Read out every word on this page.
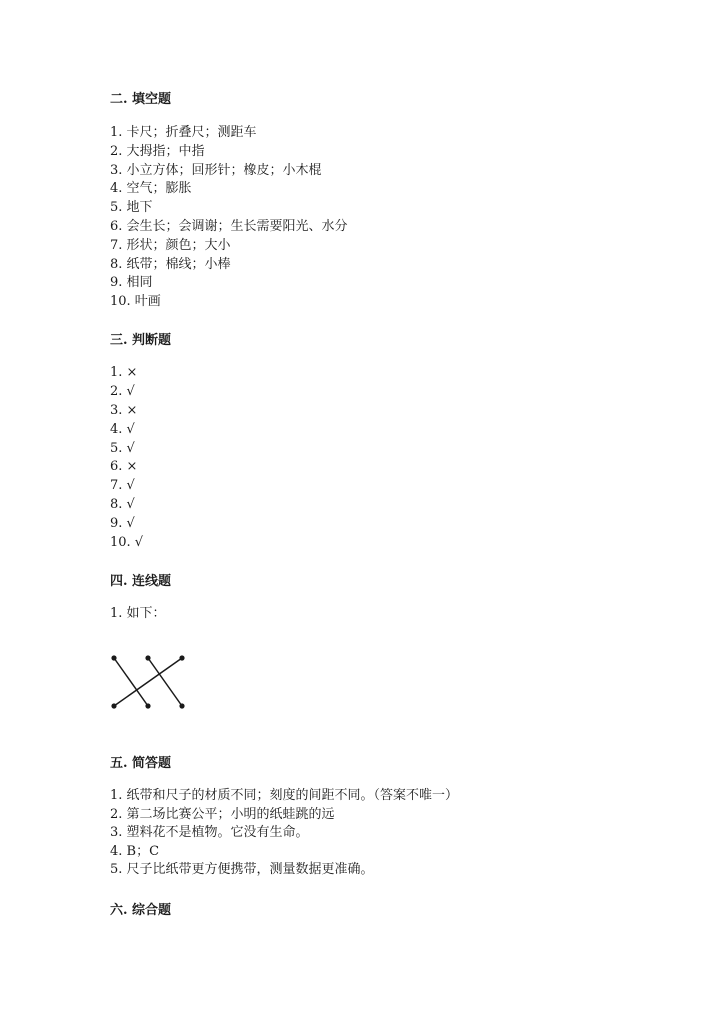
二. 填空题
1. 卡尺；折叠尺；测距车
2. 大拇指；中指
3. 小立方体；回形针；橡皮；小木棍
4. 空气；膨胀
5. 地下
6. 会生长；会调谢；生长需要阳光、水分
7. 形状；颜色；大小
8. 纸带；棉线；小棒
9. 相同
10. 叶画
三. 判断题
1. ×
2. √
3. ×
4. √
5. √
6. ×
7. √
8. √
9. √
10. √
四. 连线题
1. 如下：
五. 简答题
1. 纸带和尺子的材质不同；刻度的间距不同。（答案不唯一）
2. 第二场比赛公平；小明的纸蛙跳的远
3. 塑料花不是植物。它没有生命。
4. B；C
5. 尺子比纸带更方便携带，测量数据更准确。
六. 综合题
